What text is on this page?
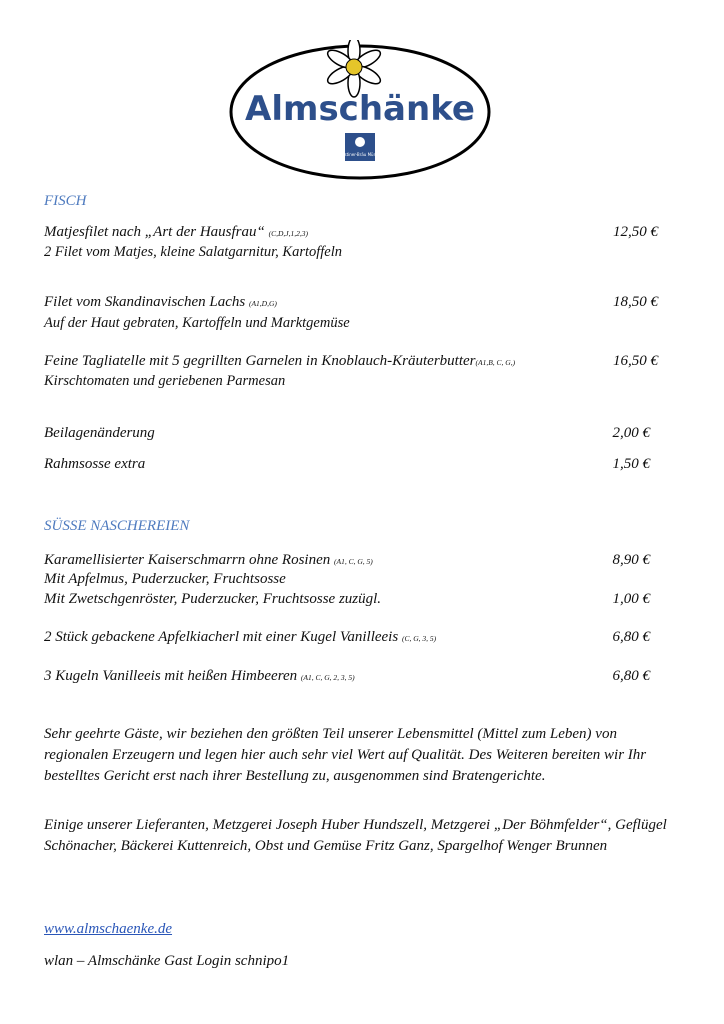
Almschänke
Augustiner-Bräu München
FISCH
Matjesfilet nach „Art der Hausfrau“ (C,D,J,1,2,3)	12,50 €
2 Filet vom Matjes, kleine Salatgarnitur, Kartoffeln
Filet vom Skandinavischen Lachs (A1,D,G)	18,50 €
Auf der Haut gebraten, Kartoffeln und Marktgemüse
Feine Tagliatelle mit 5 gegrillten Garnelen in Knoblauch-Kräuterbutter(A1,B, C, G,)	16,50 €
Kirschtomaten und geriebenen Parmesan
Beilagenänderung	2,00 €
Rahmsosse extra	1,50 €
SÜSSE NASCHEREIEN
Karamellisierter Kaiserschmarrn ohne Rosinen (A1, C, G, 5)	8,90 €
Mit Apfelmus, Puderzucker, Fruchtsosse
Mit Zwetschgenröster, Puderzucker, Fruchtsosse zuzügl.	1,00 €
2 Stück gebackene Apfelkiacherl mit einer Kugel Vanilleeis (C, G, 3, 5)	6,80 €
3 Kugeln Vanilleeis mit heißen Himbeeren (A1, C, G, 2, 3, 5)	6,80 €
Sehr geehrte Gäste, wir beziehen den größten Teil unserer Lebensmittel (Mittel zum Leben) von regionalen Erzeugern und legen hier auch sehr viel Wert auf Qualität. Des Weiteren bereiten wir Ihr bestelltes Gericht erst nach ihrer Bestellung zu, ausgenommen sind Bratengerichte.
Einige unserer Lieferanten, Metzgerei Joseph Huber Hundszell, Metzgerei „Der Böhmfelder“, Geflügel Schönacher, Bäckerei Kuttenreich, Obst und Gemüse Fritz Ganz, Spargelhof Wenger Brunnen
www.almschaenke.de
wlan – Almschänke Gast Login schnipo1
